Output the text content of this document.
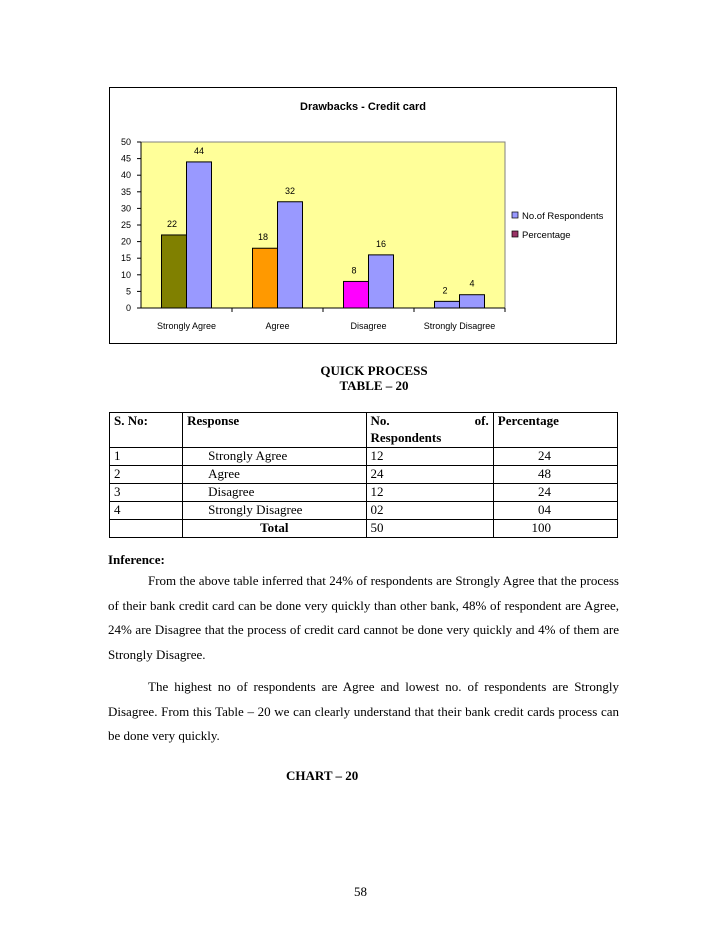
Drawbacks - Credit card
0
5
10
15
20
25
30
35
40
45
50
22
44
Strongly Agree
18
32
Agree
8
16
Disagree
2
4
Strongly Disagree
No.of Respondents
Percentage
QUICK PROCESS
TABLE – 20
S. No:	Response	No. of.	Percentage
		Respondents	
1	Strongly Agree	12	24
2	Agree	24	48
3	Disagree	12	24
4	Strongly Disagree	02	04
	Total	50	100
Inference:
From the above table inferred that 24% of respondents are Strongly Agree that the process of their bank credit card can be done very quickly than other bank, 48% of respondent are Agree, 24% are Disagree that the process of credit card cannot be done very quickly and 4% of them are Strongly Disagree.
The highest no of respondents are Agree and lowest no. of respondents are Strongly Disagree. From this Table – 20 we can clearly understand that their bank credit cards process can be done very quickly.
CHART – 20
58
